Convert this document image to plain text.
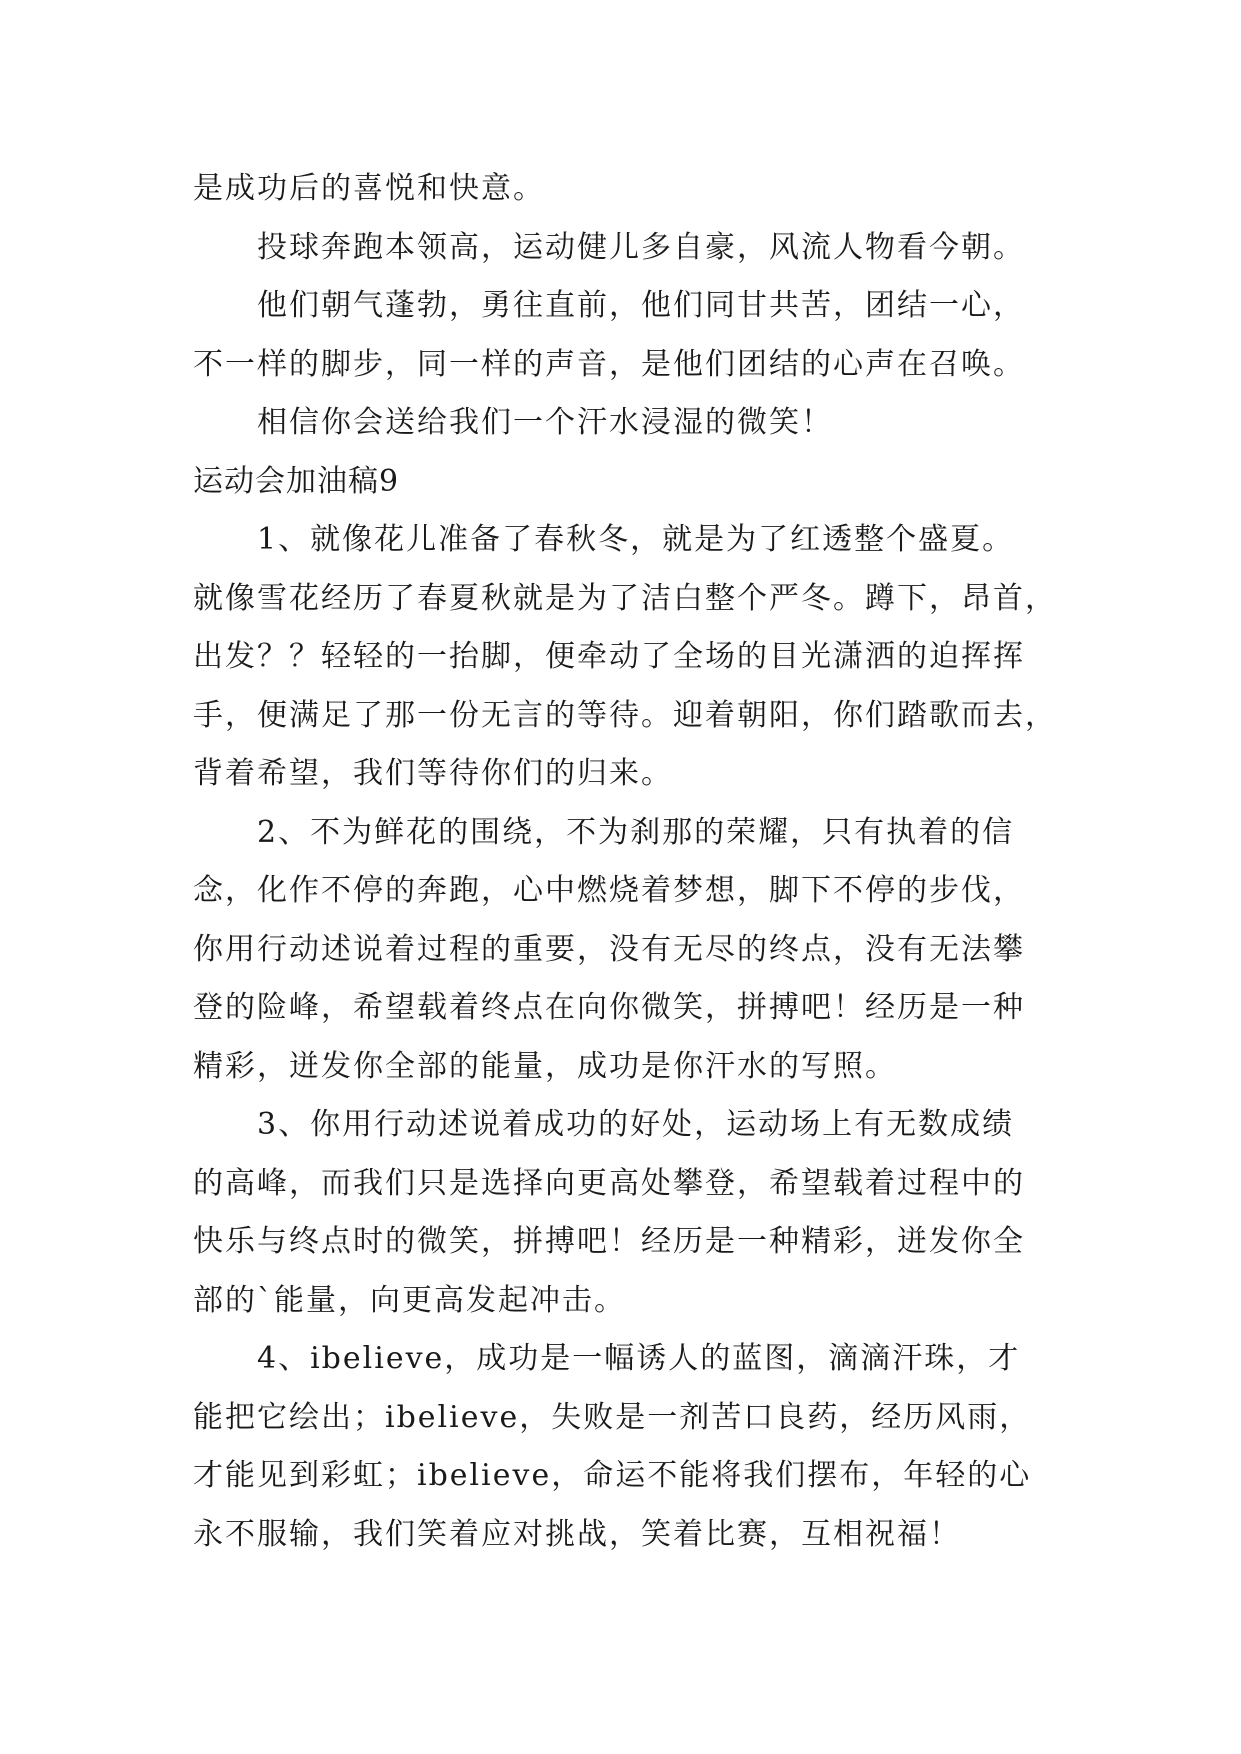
是成功后的喜悦和快意。
投球奔跑本领高，运动健儿多自豪，风流人物看今朝。
他们朝气蓬勃，勇往直前，他们同甘共苦，团结一心，
不一样的脚步，同一样的声音，是他们团结的心声在召唤。
相信你会送给我们一个汗水浸湿的微笑！
运动会加油稿9
1、就像花儿准备了春秋冬，就是为了红透整个盛夏。
就像雪花经历了春夏秋就是为了洁白整个严冬。蹲下，昂首，
出发？？轻轻的一抬脚，便牵动了全场的目光潇洒的迫挥挥
手，便满足了那一份无言的等待。迎着朝阳，你们踏歌而去，
背着希望，我们等待你们的归来。
2、不为鲜花的围绕，不为刹那的荣耀，只有执着的信
念，化作不停的奔跑，心中燃烧着梦想，脚下不停的步伐，
你用行动述说着过程的重要，没有无尽的终点，没有无法攀
登的险峰，希望载着终点在向你微笑，拼搏吧！经历是一种
精彩，迸发你全部的能量，成功是你汗水的写照。
3、你用行动述说着成功的好处，运动场上有无数成绩
的高峰，而我们只是选择向更高处攀登，希望载着过程中的
快乐与终点时的微笑，拼搏吧！经历是一种精彩，迸发你全
部的`能量，向更高发起冲击。
4、ibelieve，成功是一幅诱人的蓝图，滴滴汗珠，才
能把它绘出；ibelieve，失败是一剂苦口良药，经历风雨，
才能见到彩虹；ibelieve，命运不能将我们摆布，年轻的心
永不服输，我们笑着应对挑战，笑着比赛，互相祝福！
